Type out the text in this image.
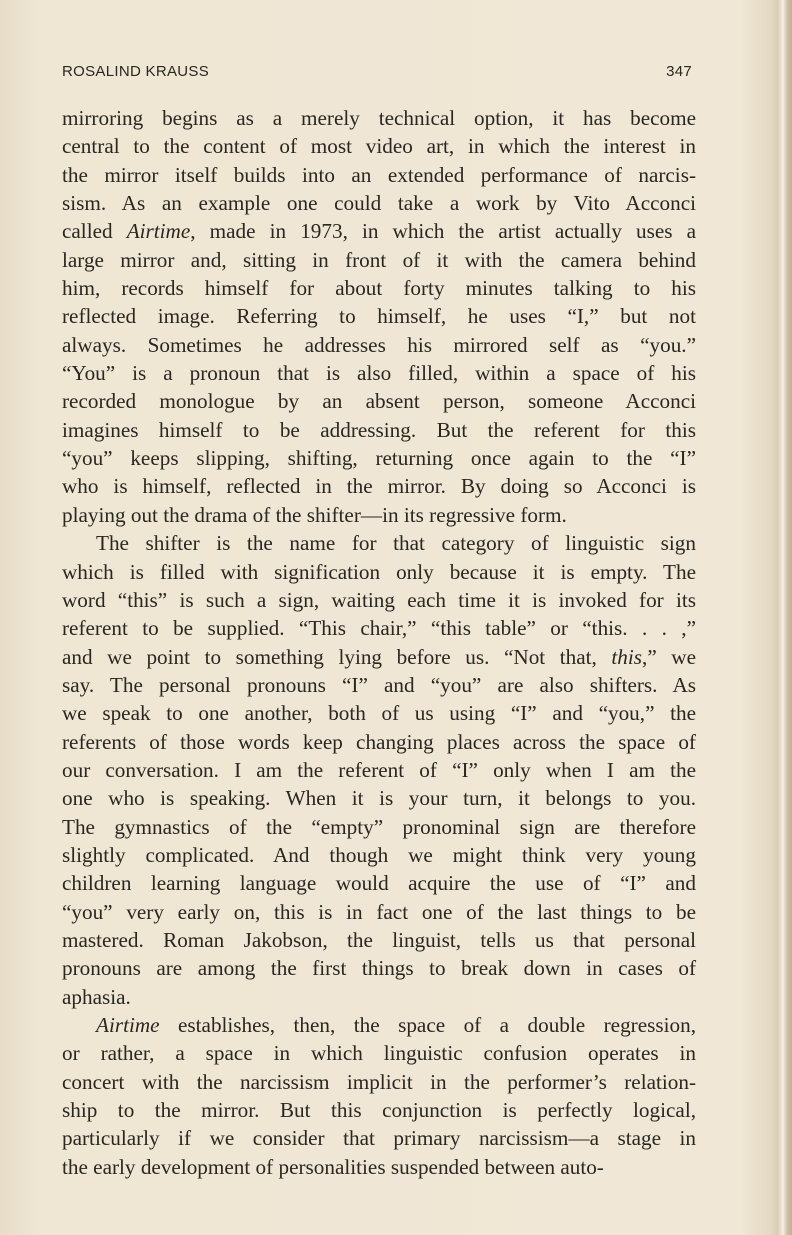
ROSALIND KRAUSS	347

mirroring begins as a merely technical option, it has become
central to the content of most video art, in which the interest in
the mirror itself builds into an extended performance of narcis-
sism. As an example one could take a work by Vito Acconci
called Airtime, made in 1973, in which the artist actually uses a
large mirror and, sitting in front of it with the camera behind
him, records himself for about forty minutes talking to his
reflected image. Referring to himself, he uses “I,” but not
always. Sometimes he addresses his mirrored self as “you.”
“You” is a pronoun that is also filled, within a space of his
recorded monologue by an absent person, someone Acconci
imagines himself to be addressing. But the referent for this
“you” keeps slipping, shifting, returning once again to the “I”
who is himself, reflected in the mirror. By doing so Acconci is
playing out the drama of the shifter—in its regressive form.

The shifter is the name for that category of linguistic sign
which is filled with signification only because it is empty. The
word “this” is such a sign, waiting each time it is invoked for its
referent to be supplied. “This chair,” “this table” or “this. . . ,”
and we point to something lying before us. “Not that, this,” we
say. The personal pronouns “I” and “you” are also shifters. As
we speak to one another, both of us using “I” and “you,” the
referents of those words keep changing places across the space of
our conversation. I am the referent of “I” only when I am the
one who is speaking. When it is your turn, it belongs to you.
The gymnastics of the “empty” pronominal sign are therefore
slightly complicated. And though we might think very young
children learning language would acquire the use of “I” and
“you” very early on, this is in fact one of the last things to be
mastered. Roman Jakobson, the linguist, tells us that personal
pronouns are among the first things to break down in cases of
aphasia.

Airtime establishes, then, the space of a double regression,
or rather, a space in which linguistic confusion operates in
concert with the narcissism implicit in the performer’s relation-
ship to the mirror. But this conjunction is perfectly logical,
particularly if we consider that primary narcissism—a stage in
the early development of personalities suspended between auto-
